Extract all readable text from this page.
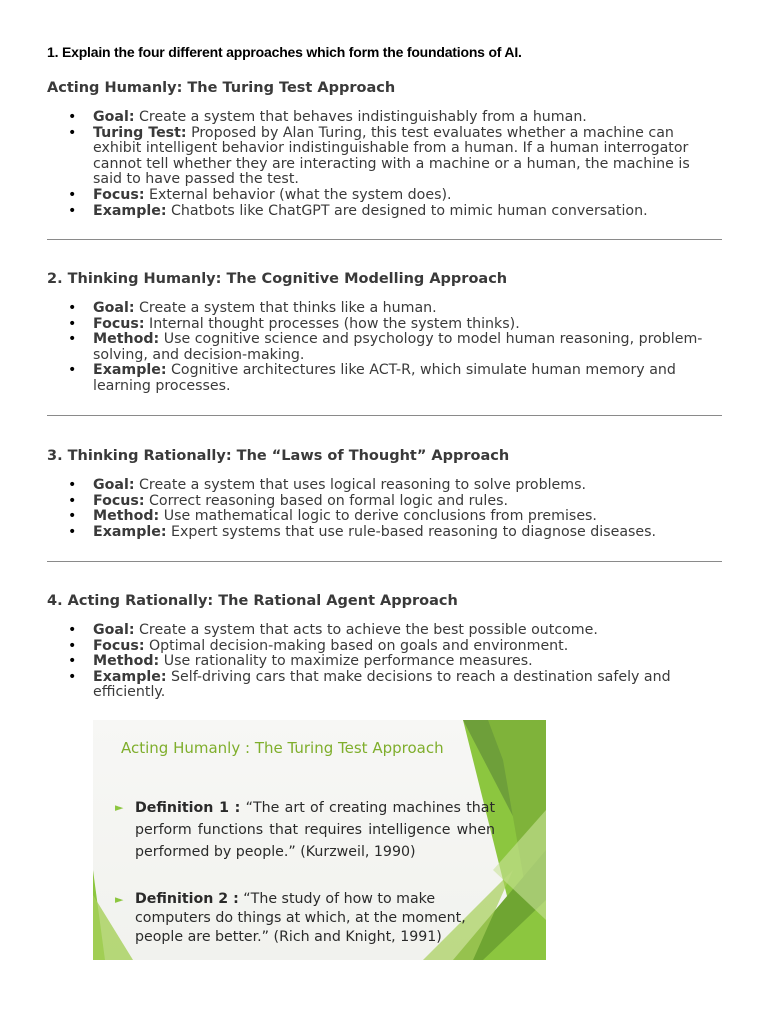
1. Explain the four different approaches which form the foundations of AI.

Acting Humanly: The Turing Test Approach
• Goal: Create a system that behaves indistinguishably from a human.
• Turing Test: Proposed by Alan Turing, this test evaluates whether a machine can exhibit intelligent behavior indistinguishable from a human. If a human interrogator cannot tell whether they are interacting with a machine or a human, the machine is said to have passed the test.
• Focus: External behavior (what the system does).
• Example: Chatbots like ChatGPT are designed to mimic human conversation.
2. Thinking Humanly: The Cognitive Modelling Approach
• Goal: Create a system that thinks like a human.
• Focus: Internal thought processes (how the system thinks).
• Method: Use cognitive science and psychology to model human reasoning, problem-solving, and decision-making.
• Example: Cognitive architectures like ACT-R, which simulate human memory and learning processes.
3. Thinking Rationally: The “Laws of Thought” Approach
• Goal: Create a system that uses logical reasoning to solve problems.
• Focus: Correct reasoning based on formal logic and rules.
• Method: Use mathematical logic to derive conclusions from premises.
• Example: Expert systems that use rule-based reasoning to diagnose diseases.
4. Acting Rationally: The Rational Agent Approach
• Goal: Create a system that acts to achieve the best possible outcome.
• Focus: Optimal decision-making based on goals and environment.
• Method: Use rationality to maximize performance measures.
• Example: Self-driving cars that make decisions to reach a destination safely and efficiently.
Acting Humanly : The Turing Test Approach
► Definition 1 : “The art of creating machines that perform functions that requires intelligence when performed by people.” (Kurzweil, 1990)
► Definition 2 : “The study of how to make computers do things at which, at the moment, people are better.” (Rich and Knight, 1991)
